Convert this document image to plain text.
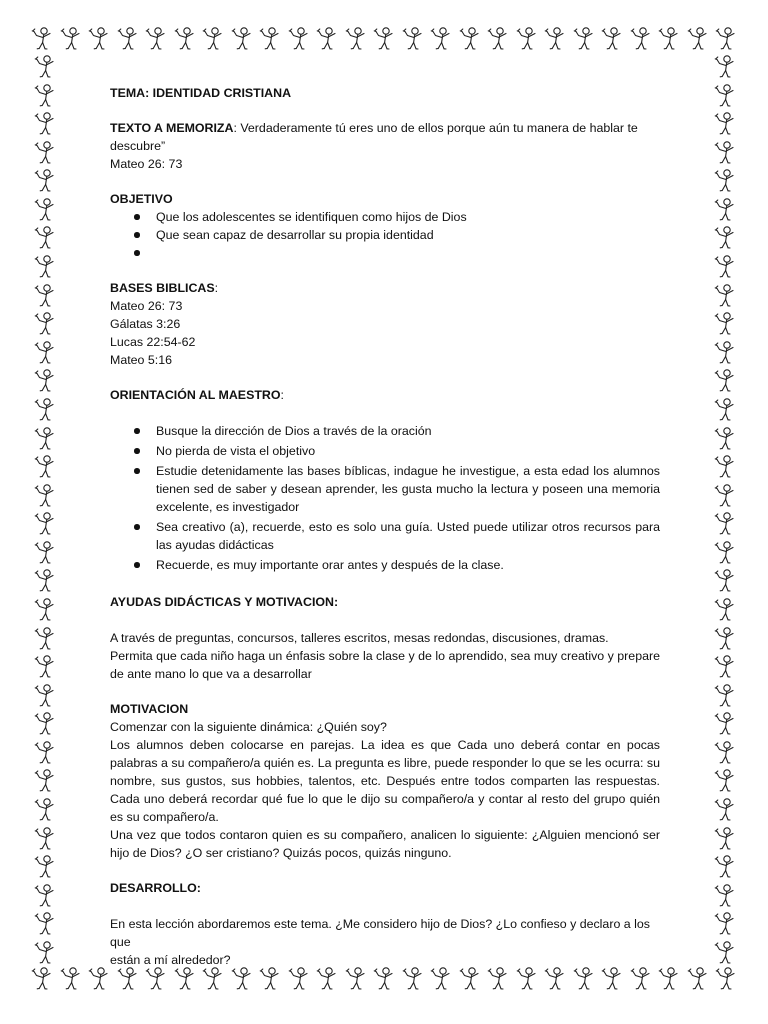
TEMA: IDENTIDAD CRISTIANA

TEXTO A MEMORIZA: Verdaderamente tú eres uno de ellos porque aún tu manera de hablar te descubre”

Mateo 26: 73

OBJETIVO

Que los adolescentes se identifiquen como hijos de Dios
Que sean capaz de desarrollar su propia identidad

BASES BIBLICAS:

Mateo 26: 73

Gálatas 3:26

Lucas 22:54-62

Mateo 5:16

ORIENTACIÓN AL MAESTRO:

Busque la dirección de Dios a través de la oración
No pierda de vista el objetivo
Estudie detenidamente las bases bíblicas, indague he investigue, a esta edad los alumnos tienen sed de saber y desean aprender, les gusta mucho la lectura y poseen una memoria excelente, es investigador
Sea creativo (a), recuerde, esto es solo una guía. Usted puede utilizar otros recursos para las ayudas didácticas
Recuerde, es muy importante orar antes y después de la clase.

AYUDAS DIDÁCTICAS Y MOTIVACION:

A través de preguntas, concursos, talleres escritos, mesas redondas, discusiones, dramas.

Permita que cada niño haga un énfasis sobre la clase y de lo aprendido, sea muy creativo y prepare de ante mano lo que va a desarrollar

MOTIVACION

Comenzar con la siguiente dinámica: ¿Quién soy?

Los alumnos deben colocarse en parejas. La idea es que Cada uno deberá contar en pocas palabras a su compañero/a quién es. La pregunta es libre, puede responder lo que se les ocurra: su nombre, sus gustos, sus hobbies, talentos, etc. Después entre todos comparten las respuestas. Cada uno deberá recordar qué fue lo que le dijo su compañero/a y contar al resto del grupo quién es su compañero/a.

Una vez que todos contaron quien es su compañero, analicen lo siguiente: ¿Alguien mencionó ser hijo de Dios? ¿O ser cristiano? Quizás pocos, quizás ninguno.

DESARROLLO:

En esta lección abordaremos este tema. ¿Me considero hijo de Dios? ¿Lo confieso y declaro a los que

están a mí alrededor?
